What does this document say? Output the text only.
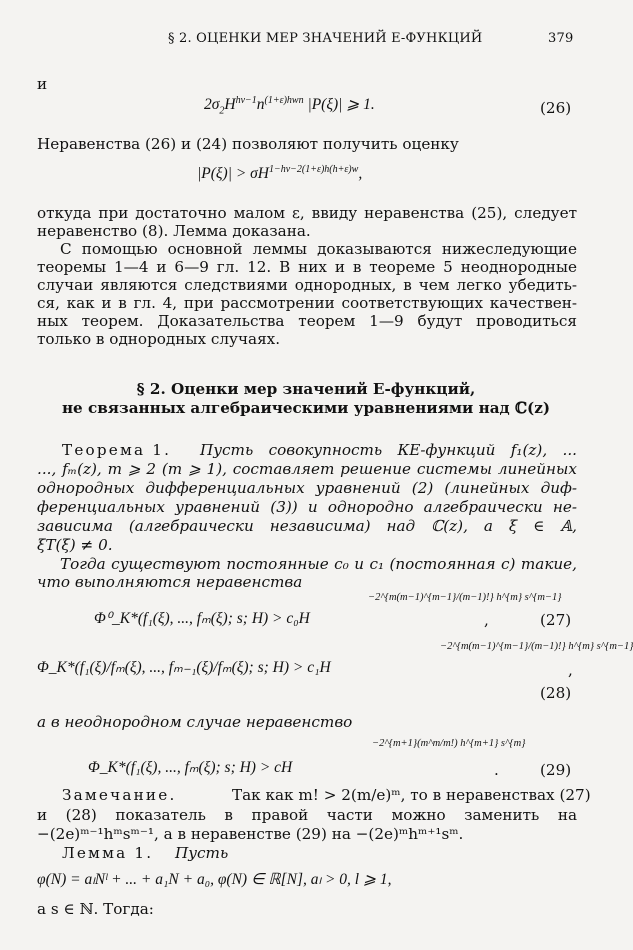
§ 2. ОЦЕНКИ МЕР ЗНАЧЕНИЙ Е-ФУНКЦИЙ	379
и
$2\sigma_2H^{h\nu-1}n^{(1+\varepsilon)hwn}$ |P(ξ)| ⩾ 1.	(26)
Неравенства (26) и (24) позволяют получить оценку
$|P(\xi)| > \sigma H^{1-h\nu-2(1+\varepsilon)h(h+\varepsilon)w}$,
откуда при достаточно малом ε, ввиду неравенства (25), следует
неравенство (8). Лемма доказана.
С помощью основной леммы доказываются нижеследующие
теоремы 1—4 и 6—9 гл. 12. В них и в теореме 5 неоднородные
случаи являются следствиями однородных, в чем легко убедить-
ся, как и в гл. 4, при рассмотрении соответствующих качествен-
ных теорем. Доказательства теорем 1—9 будут проводиться
только в однородных случаях.
§ 2. Оценки мер значений Е-функций,
не связанных алгебраическими уравнениями над ℂ(z)
Теорема 1. Пусть совокупность КЕ-функций f₁(z), ...
..., fₘ(z), m ⩾ 2 (m ⩾ 1), составляет решение системы линейных
однородных дифференциальных уравнений (2) (линейных диф-
ференциальных уравнений (3)) и однородно алгебраически не-
зависима (алгебраически независима) над ℂ(z), а ξ ∈ 𝔸,
ξT(ξ) ≠ 0.
Тогда существуют постоянные c₀ и c₁ (постоянная c) такие,
что выполняются неравенства
Φ⁰_K*(f₁(ξ), ..., fₘ(ξ); s; H) > c₀H
−2^{m(m−1)^{m−1}/(m−1)!} h^{m} s^{m−1}
,	(27)
Φ_K*(f₁(ξ)/fₘ(ξ), ..., fₘ₋₁(ξ)/fₘ(ξ); s; H) > c₁H
−2^{m(m−1)^{m−1}/(m−1)!} h^{m} s^{m−1}
,
(28)
а в неоднородном случае неравенство
Φ_K*(f₁(ξ), ..., fₘ(ξ); s; H) > cH
−2^{m+1}(m^m/m!) h^{m+1} s^{m}
.	(29)
Замечание.	Так как m! > 2(m/e)ᵐ, то в неравенствах (27)
и (28) показатель в правой части можно заменить на
−(2e)ᵐ⁻¹hᵐsᵐ⁻¹, а в неравенстве (29) на −(2e)ᵐhᵐ⁺¹sᵐ.
Лемма 1. Пусть
φ(N) = aₗNˡ + ... + a₁N + a₀, φ(N) ∈ ℝ[N], aₗ > 0, l ⩾ 1,
a s ∈ ℕ. Тогда:
